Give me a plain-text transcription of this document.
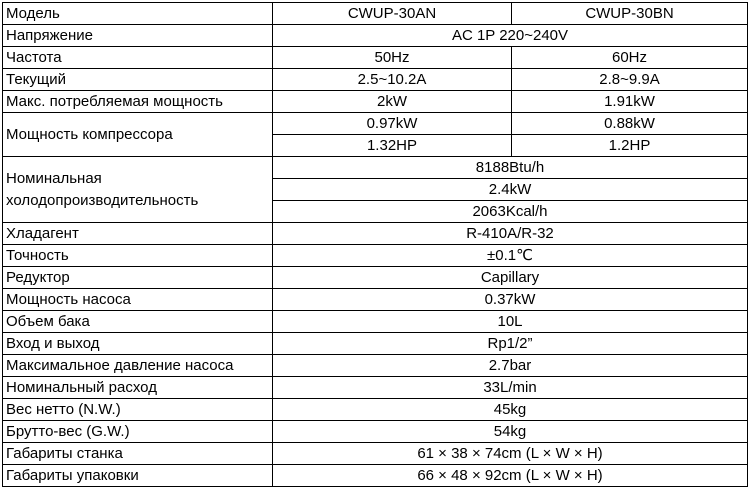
Модель	CWUP-30AN	CWUP-30BN
Напряжение	AC 1P 220~240V	
Частота	50Hz	60Hz
Текущий	2.5~10.2A	2.8~9.9A
Макс. потребляемая мощность	2kW	1.91kW
Мощность компрессора	0.97kW	0.88kW
	1.32HP	1.2HP
Номинальная холодопроизводительность	8188Btu/h	
	2.4kW	
	2063Kcal/h	
Хладагент	R-410A/R-32	
Точность	±0.1℃	
Редуктор	Capillary	
Мощность насоса	0.37kW	
Объем бака	10L	
Вход и выход	Rp1/2”	
Максимальное давление насоса	2.7bar	
Номинальный расход	33L/min	
Вес нетто (N.W.)	45kg	
Брутто-вес (G.W.)	54kg	
Габариты станка	61 × 38 × 74cm (L × W × H)	
Габариты упаковки	66 × 48 × 92cm (L × W × H)	
